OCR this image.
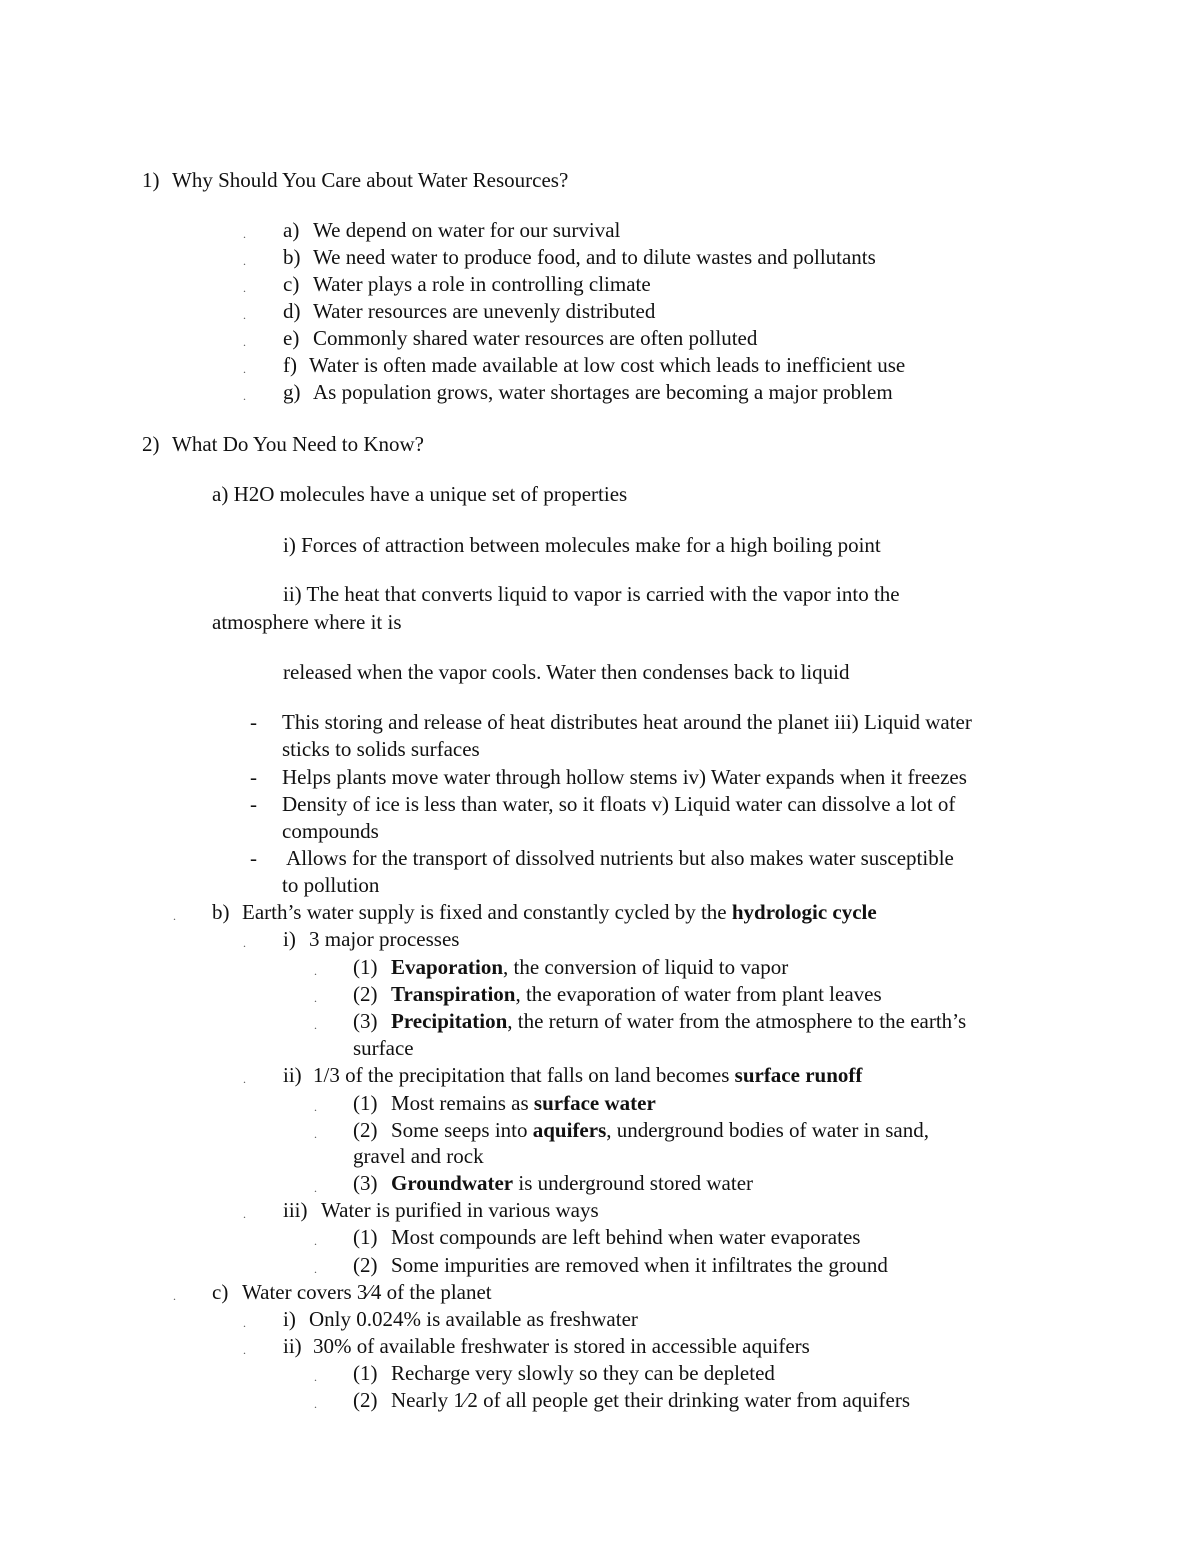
1) Why Should You Care about Water Resources?
. a) We depend on water for our survival
. b) We need water to produce food, and to dilute wastes and pollutants
. c) Water plays a role in controlling climate
. d) Water resources are unevenly distributed
. e) Commonly shared water resources are often polluted
. f) Water is often made available at low cost which leads to inefficient use
. g) As population grows, water shortages are becoming a major problem
2) What Do You Need to Know?
a) H2O molecules have a unique set of properties
i) Forces of attraction between molecules make for a high boiling point
ii) The heat that converts liquid to vapor is carried with the vapor into the
atmosphere where it is
released when the vapor cools. Water then condenses back to liquid
- This storing and release of heat distributes heat around the planet iii) Liquid water
sticks to solids surfaces
- Helps plants move water through hollow stems iv) Water expands when it freezes
- Density of ice is less than water, so it floats v) Liquid water can dissolve a lot of
compounds
- Allows for the transport of dissolved nutrients but also makes water susceptible
to pollution
. b) Earth’s water supply is fixed and constantly cycled by the hydrologic cycle
. i) 3 major processes
. (1) Evaporation, the conversion of liquid to vapor
. (2) Transpiration, the evaporation of water from plant leaves
. (3) Precipitation, the return of water from the atmosphere to the earth’s
surface
. ii) 1/3 of the precipitation that falls on land becomes surface runoff
. (1) Most remains as surface water
. (2) Some seeps into aquifers, underground bodies of water in sand,
gravel and rock
. (3) Groundwater is underground stored water
. iii) Water is purified in various ways
. (1) Most compounds are left behind when water evaporates
. (2) Some impurities are removed when it infiltrates the ground
. c) Water covers 3⁄4 of the planet
. i) Only 0.024% is available as freshwater
. ii) 30% of available freshwater is stored in accessible aquifers
. (1) Recharge very slowly so they can be depleted
. (2) Nearly 1⁄2 of all people get their drinking water from aquifers
